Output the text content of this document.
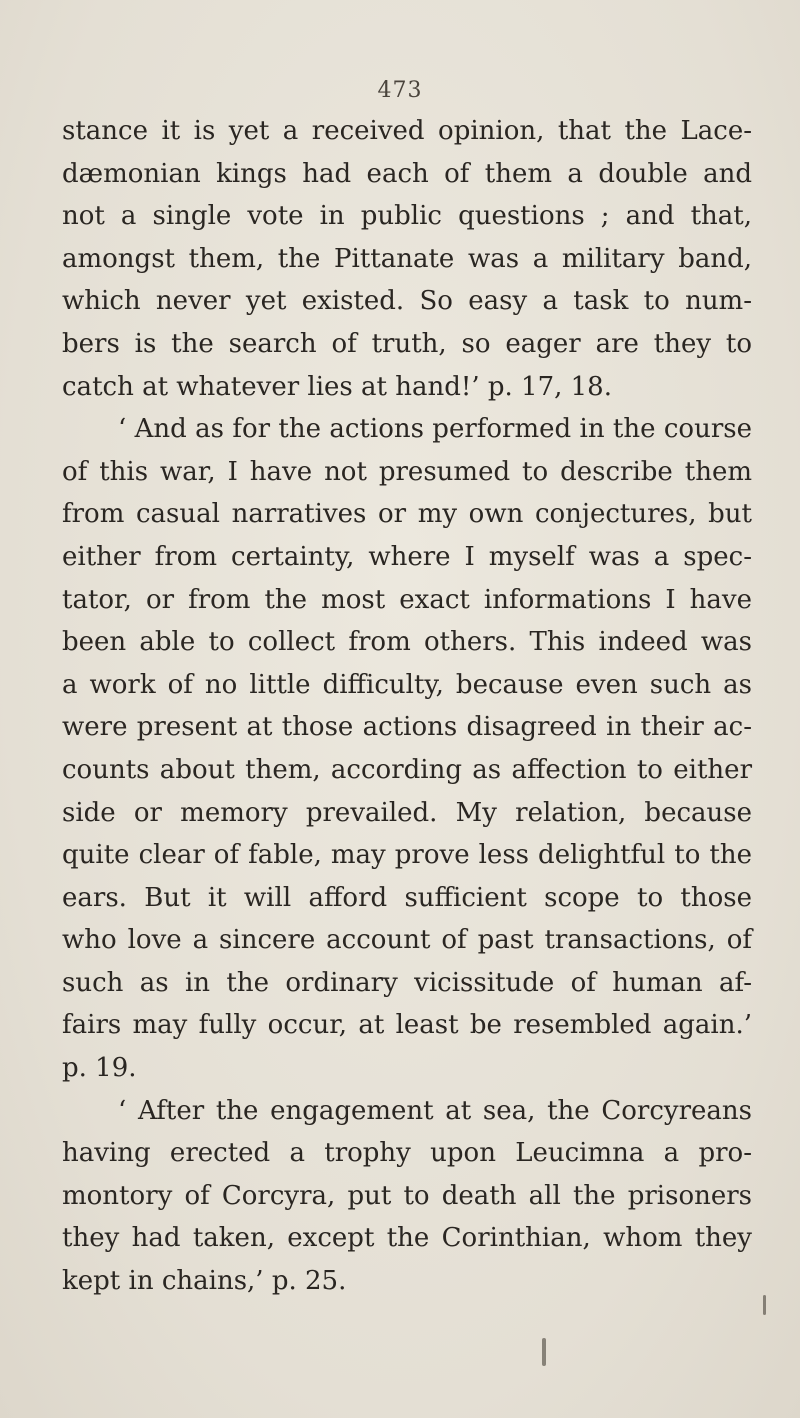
473
stance it is yet a received opinion, that the Lace-
dæmonian kings had each of them a double and
not a single vote in public questions ; and that,
amongst them, the Pittanate was a military band,
which never yet existed. So easy a task to num-
bers is the search of truth, so eager are they to
catch at whatever lies at hand!’ p. 17, 18.
‘ And as for the actions performed in the course
of this war, I have not presumed to describe them
from casual narratives or my own conjectures, but
either from certainty, where I myself was a spec-
tator, or from the most exact informations I have
been able to collect from others. This indeed was
a work of no little difficulty, because even such as
were present at those actions disagreed in their ac-
counts about them, according as affection to either
side or memory prevailed. My relation, because
quite clear of fable, may prove less delightful to the
ears. But it will afford sufficient scope to those
who love a sincere account of past transactions, of
such as in the ordinary vicissitude of human af-
fairs may fully occur, at least be resembled again.’
p. 19.
‘ After the engagement at sea, the Corcyreans
having erected a trophy upon Leucimna a pro-
montory of Corcyra, put to death all the prisoners
they had taken, except the Corinthian, whom they
kept in chains,’ p. 25.
